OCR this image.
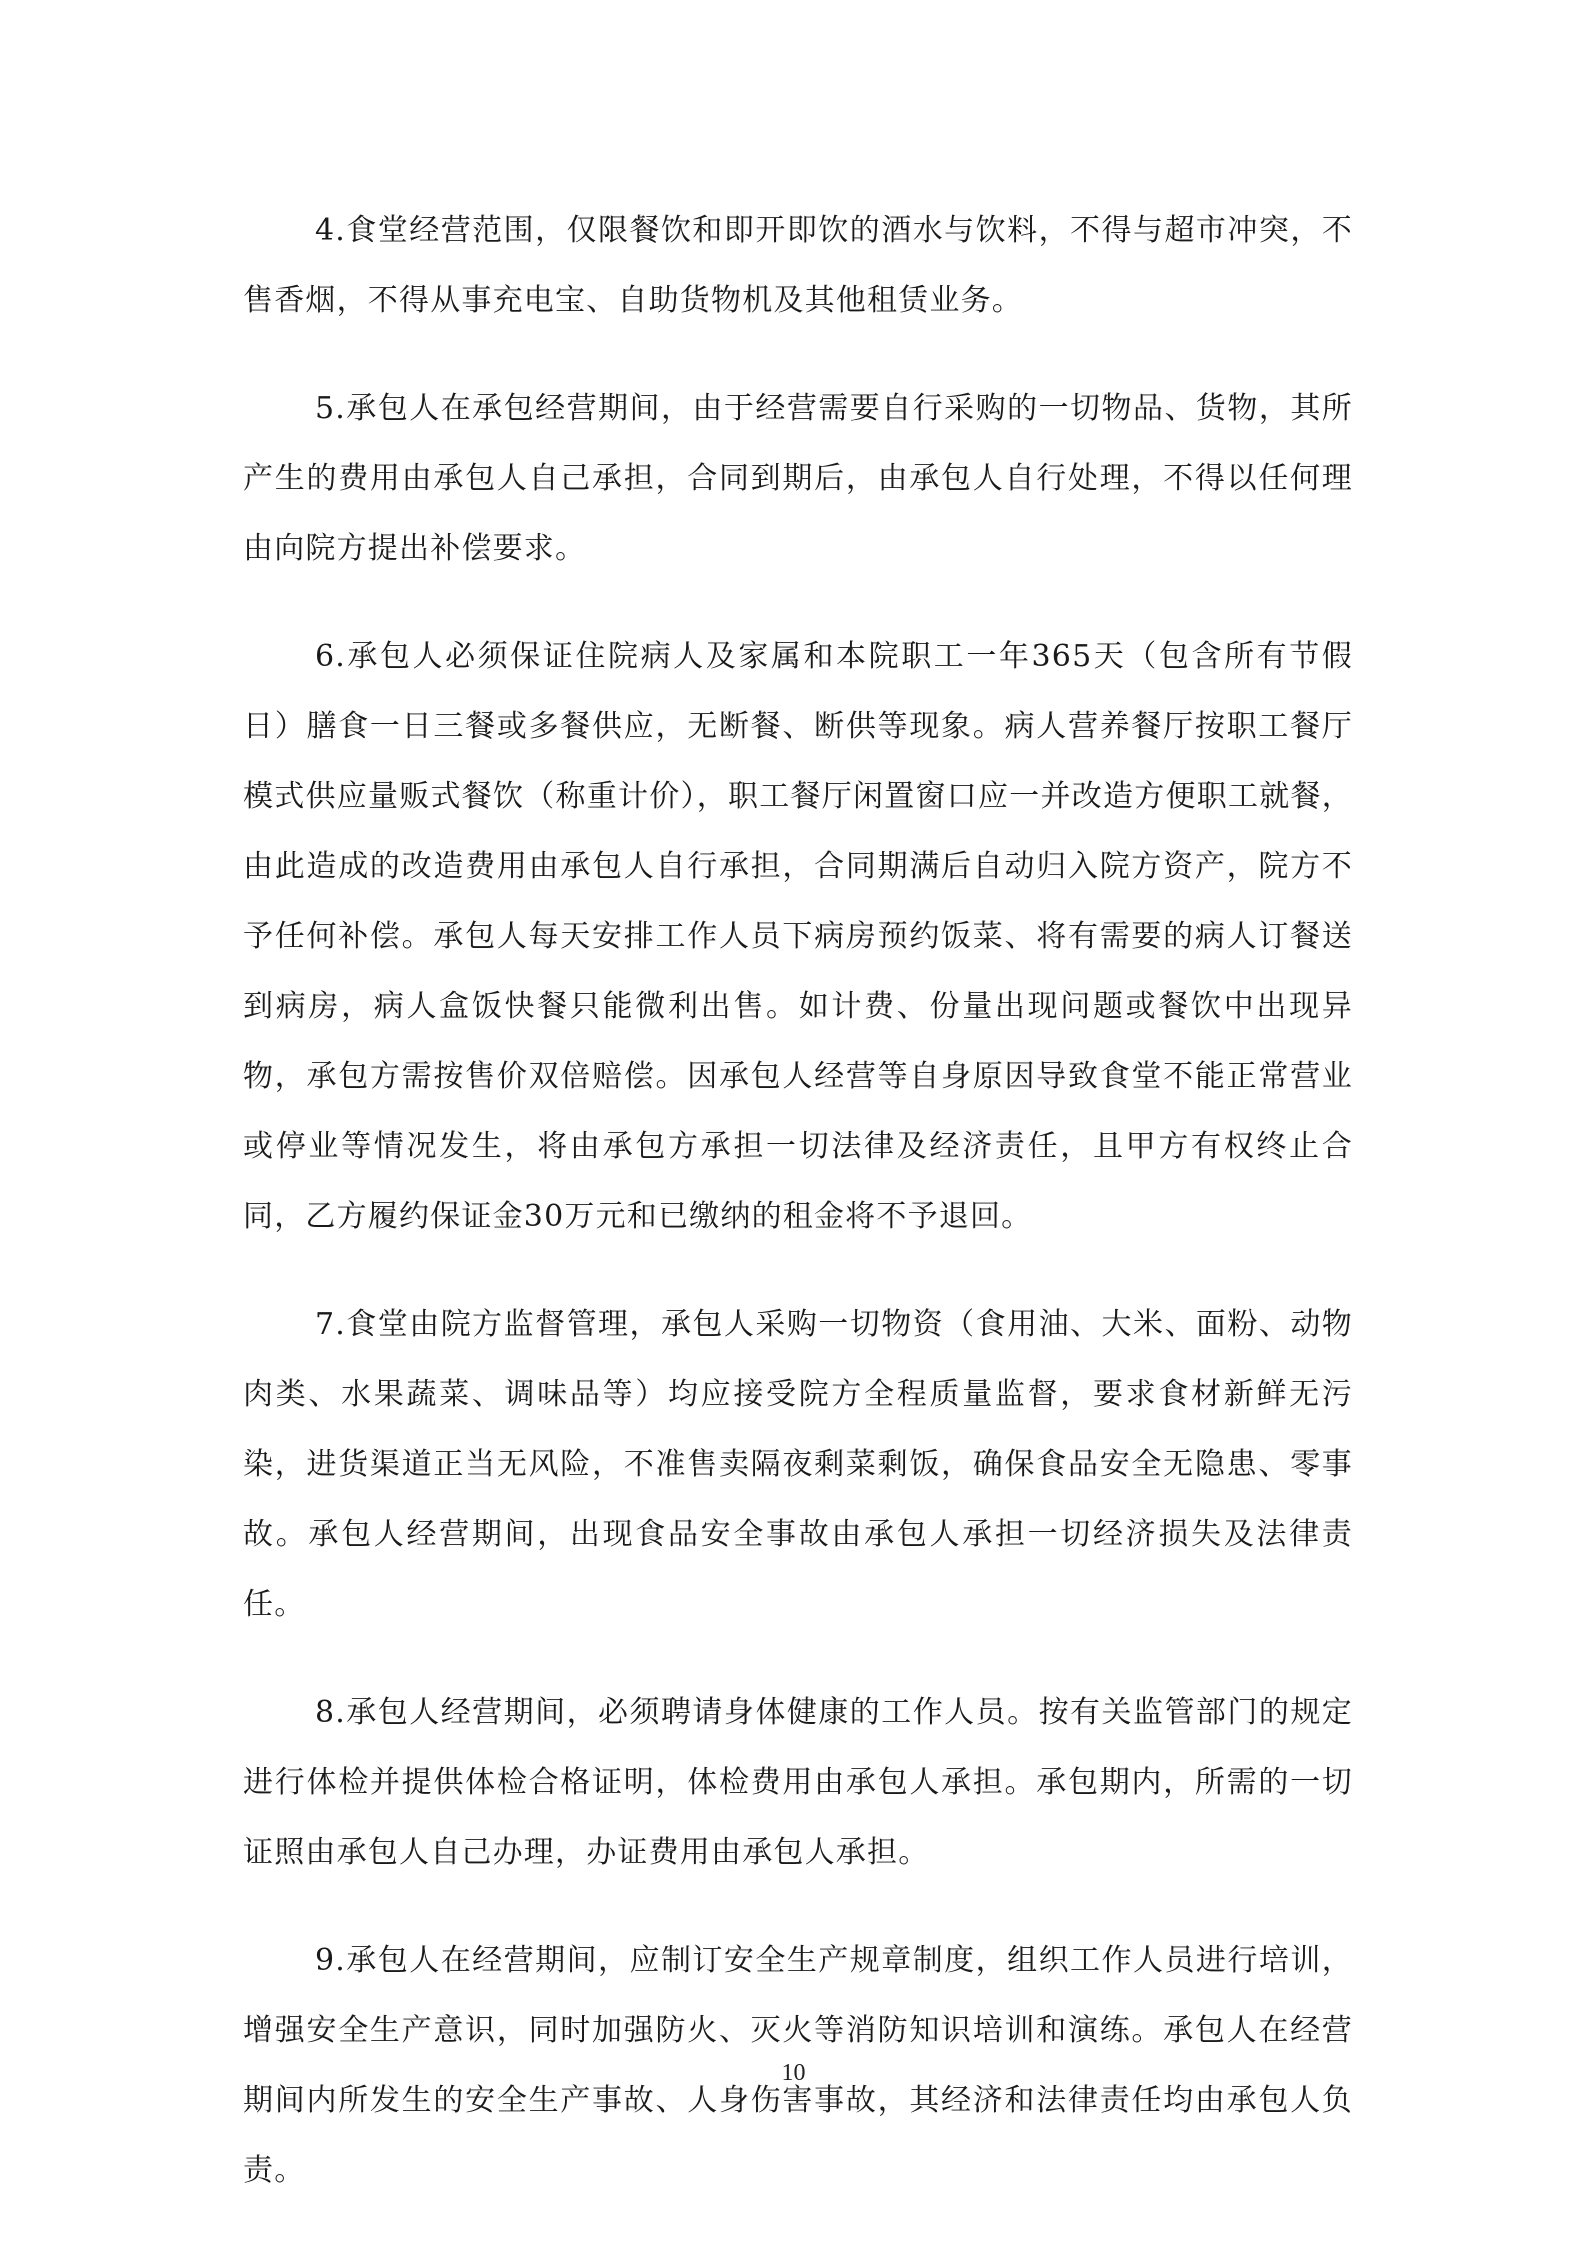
4.食堂经营范围，仅限餐饮和即开即饮的酒水与饮料，不得与超市冲突，不售香烟，不得从事充电宝、自助货物机及其他租赁业务。

5.承包人在承包经营期间，由于经营需要自行采购的一切物品、货物，其所产生的费用由承包人自己承担，合同到期后，由承包人自行处理，不得以任何理由向院方提出补偿要求。

6.承包人必须保证住院病人及家属和本院职工一年365天（包含所有节假日）膳食一日三餐或多餐供应，无断餐、断供等现象。病人营养餐厅按职工餐厅模式供应量贩式餐饮（称重计价），职工餐厅闲置窗口应一并改造方便职工就餐，由此造成的改造费用由承包人自行承担，合同期满后自动归入院方资产，院方不予任何补偿。承包人每天安排工作人员下病房预约饭菜、将有需要的病人订餐送到病房，病人盒饭快餐只能微利出售。如计费、份量出现问题或餐饮中出现异物，承包方需按售价双倍赔偿。因承包人经营等自身原因导致食堂不能正常营业或停业等情况发生，将由承包方承担一切法律及经济责任，且甲方有权终止合同，乙方履约保证金30万元和已缴纳的租金将不予退回。

7.食堂由院方监督管理，承包人采购一切物资（食用油、大米、面粉、动物肉类、水果蔬菜、调味品等）均应接受院方全程质量监督，要求食材新鲜无污染，进货渠道正当无风险，不准售卖隔夜剩菜剩饭，确保食品安全无隐患、零事故。承包人经营期间，出现食品安全事故由承包人承担一切经济损失及法律责任。

8.承包人经营期间，必须聘请身体健康的工作人员。按有关监管部门的规定进行体检并提供体检合格证明，体检费用由承包人承担。承包期内，所需的一切证照由承包人自己办理，办证费用由承包人承担。

9.承包人在经营期间，应制订安全生产规章制度，组织工作人员进行培训，增强安全生产意识，同时加强防火、灭火等消防知识培训和演练。承包人在经营期间内所发生的安全生产事故、人身伤害事故，其经济和法律责任均由承包人负责。

10
